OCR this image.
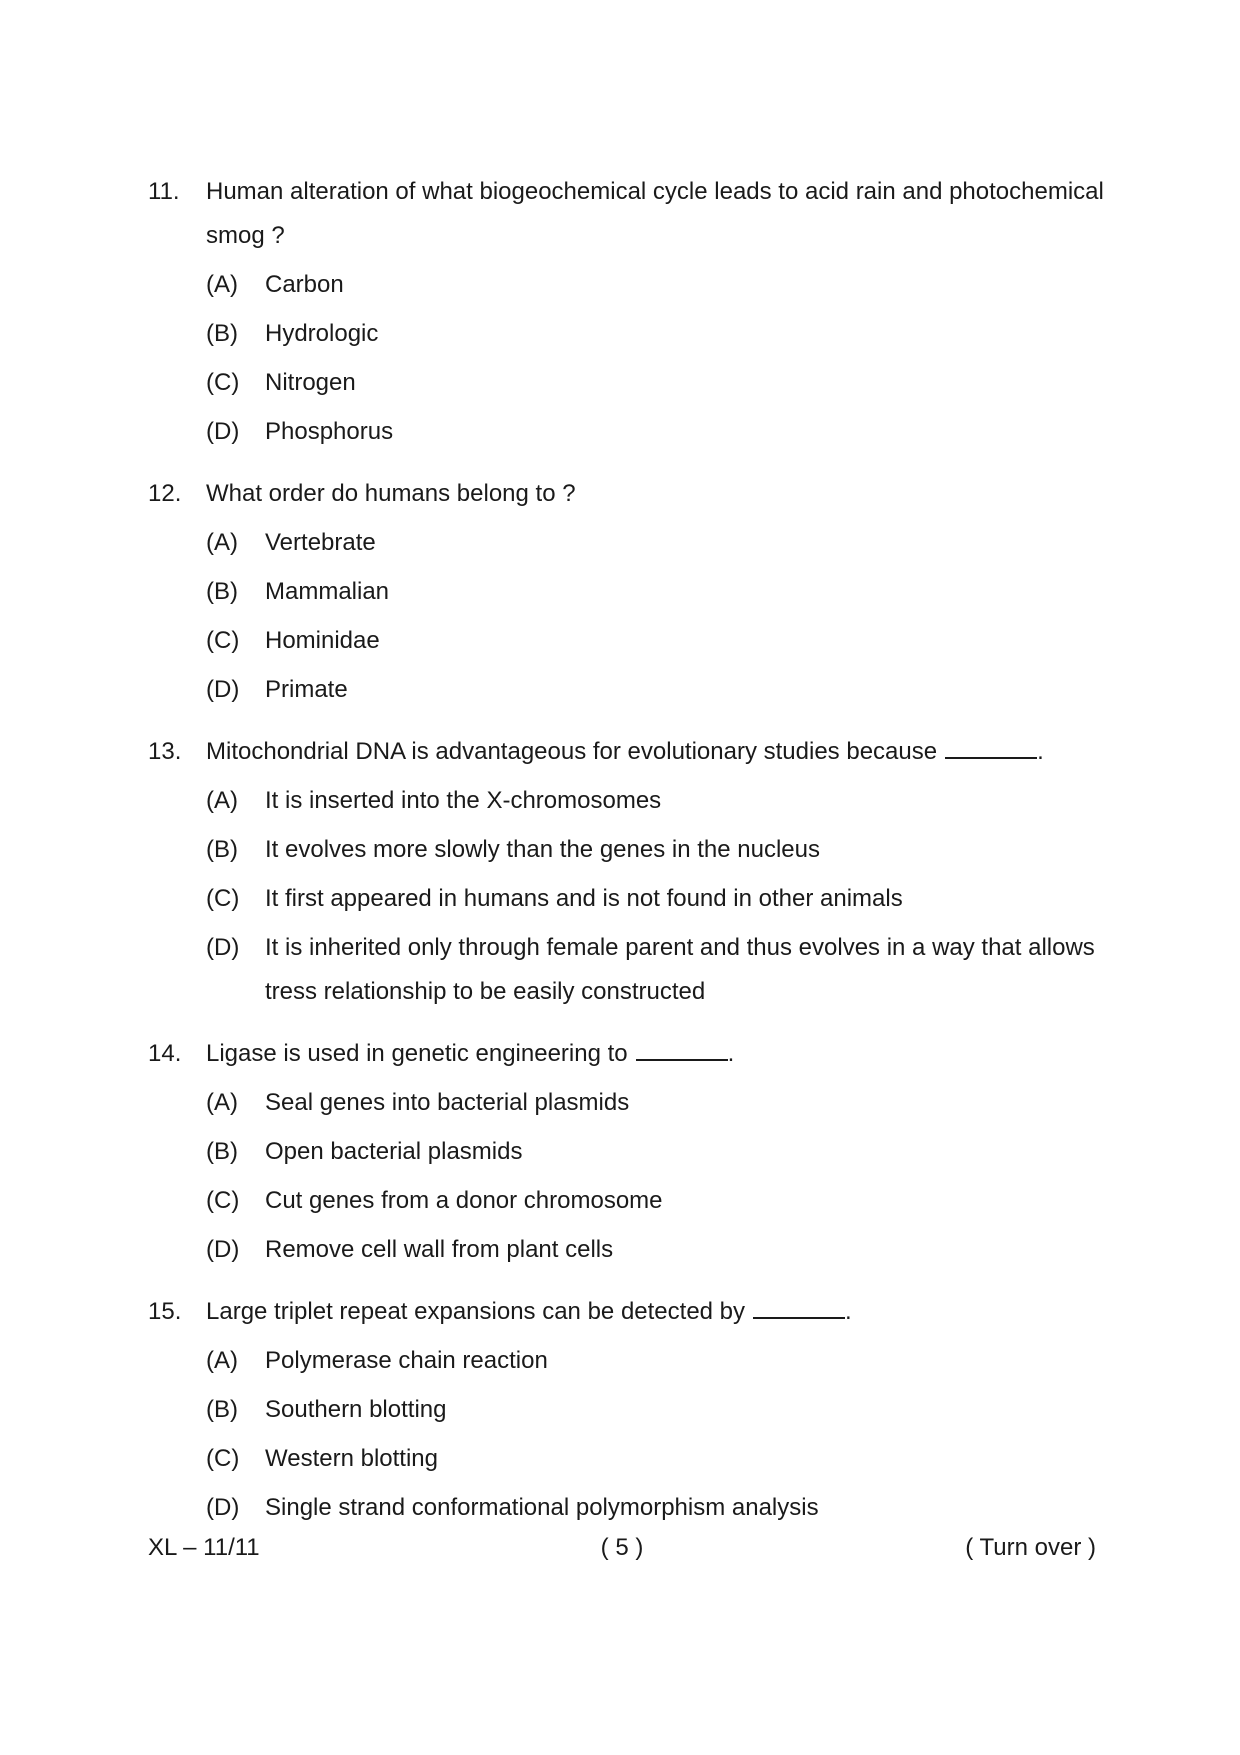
11.	Human alteration of what biogeochemical cycle leads to acid rain and photochemical smog ?
(A)	Carbon
(B)	Hydrologic
(C)	Nitrogen
(D)	Phosphorus
12.	What order do humans belong to ?
(A)	Vertebrate
(B)	Mammalian
(C)	Hominidae
(D)	Primate
13.	Mitochondrial DNA is advantageous for evolutionary studies because	.
(A)	It is inserted into the X-chromosomes
(B)	It evolves more slowly than the genes in the nucleus
(C)	It first appeared in humans and is not found in other animals
(D)	It is inherited only through female parent and thus evolves in a way that allows tress relationship to be easily constructed
14.	Ligase is used in genetic engineering to	.
(A)	Seal genes into bacterial plasmids
(B)	Open bacterial plasmids
(C)	Cut genes from a donor chromosome
(D)	Remove cell wall from plant cells
15.	Large triplet repeat expansions can be detected by	.
(A)	Polymerase chain reaction
(B)	Southern blotting
(C)	Western blotting
(D)	Single strand conformational polymorphism analysis
XL – 11/11	( 5 )	( Turn over )
